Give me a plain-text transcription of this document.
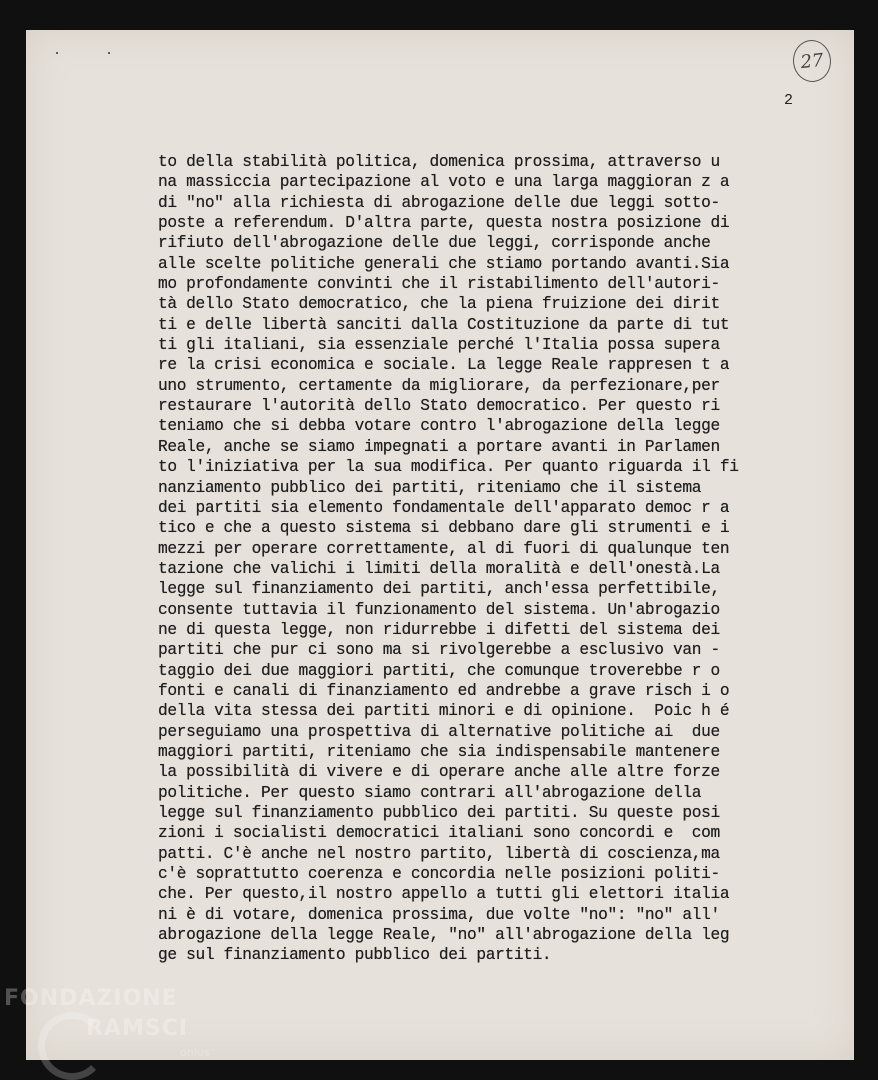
27
2
to della stabilità politica, domenica prossima, attraverso u
na massiccia partecipazione al voto e una larga maggioran z a
di "no" alla richiesta di abrogazione delle due leggi sotto-
poste a referendum. D'altra parte, questa nostra posizione di
rifiuto dell'abrogazione delle due leggi, corrisponde anche
alle scelte politiche generali che stiamo portando avanti.Sia
mo profondamente convinti che il ristabilimento dell'autori-
tà dello Stato democratico, che la piena fruizione dei dirit
ti e delle libertà sanciti dalla Costituzione da parte di tut
ti gli italiani, sia essenziale perché l'Italia possa supera
re la crisi economica e sociale. La legge Reale rappresen t a
uno strumento, certamente da migliorare, da perfezionare,per
restaurare l'autorità dello Stato democratico. Per questo ri
teniamo che si debba votare contro l'abrogazione della legge
Reale, anche se siamo impegnati a portare avanti in Parlamen
to l'iniziativa per la sua modifica. Per quanto riguarda il fi
nanziamento pubblico dei partiti, riteniamo che il sistema
dei partiti sia elemento fondamentale dell'apparato democ r a
tico e che a questo sistema si debbano dare gli strumenti e i
mezzi per operare correttamente, al di fuori di qualunque ten
tazione che valichi i limiti della moralità e dell'onestà.La
legge sul finanziamento dei partiti, anch'essa perfettibile,
consente tuttavia il funzionamento del sistema. Un'abrogazio
ne di questa legge, non ridurrebbe i difetti del sistema dei
partiti che pur ci sono ma si rivolgerebbe a esclusivo van -
taggio dei due maggiori partiti, che comunque troverebbe r o
fonti e canali di finanziamento ed andrebbe a grave risch i o
della vita stessa dei partiti minori e di opinione.  Poic h é
perseguiamo una prospettiva di alternative politiche ai  due
maggiori partiti, riteniamo che sia indispensabile mantenere
la possibilità di vivere e di operare anche alle altre forze
politiche. Per questo siamo contrari all'abrogazione della
legge sul finanziamento pubblico dei partiti. Su queste posi
zioni i socialisti democratici italiani sono concordi e  com
patti. C'è anche nel nostro partito, libertà di coscienza,ma
c'è soprattutto coerenza e concordia nelle posizioni politi-
che. Per questo,il nostro appello a tutti gli elettori italia
ni è di votare, domenica prossima, due volte "no": "no" all'
abrogazione della legge Reale, "no" all'abrogazione della leg
ge sul finanziamento pubblico dei partiti.
FONDAZIONE
RAMSCI
onlus
